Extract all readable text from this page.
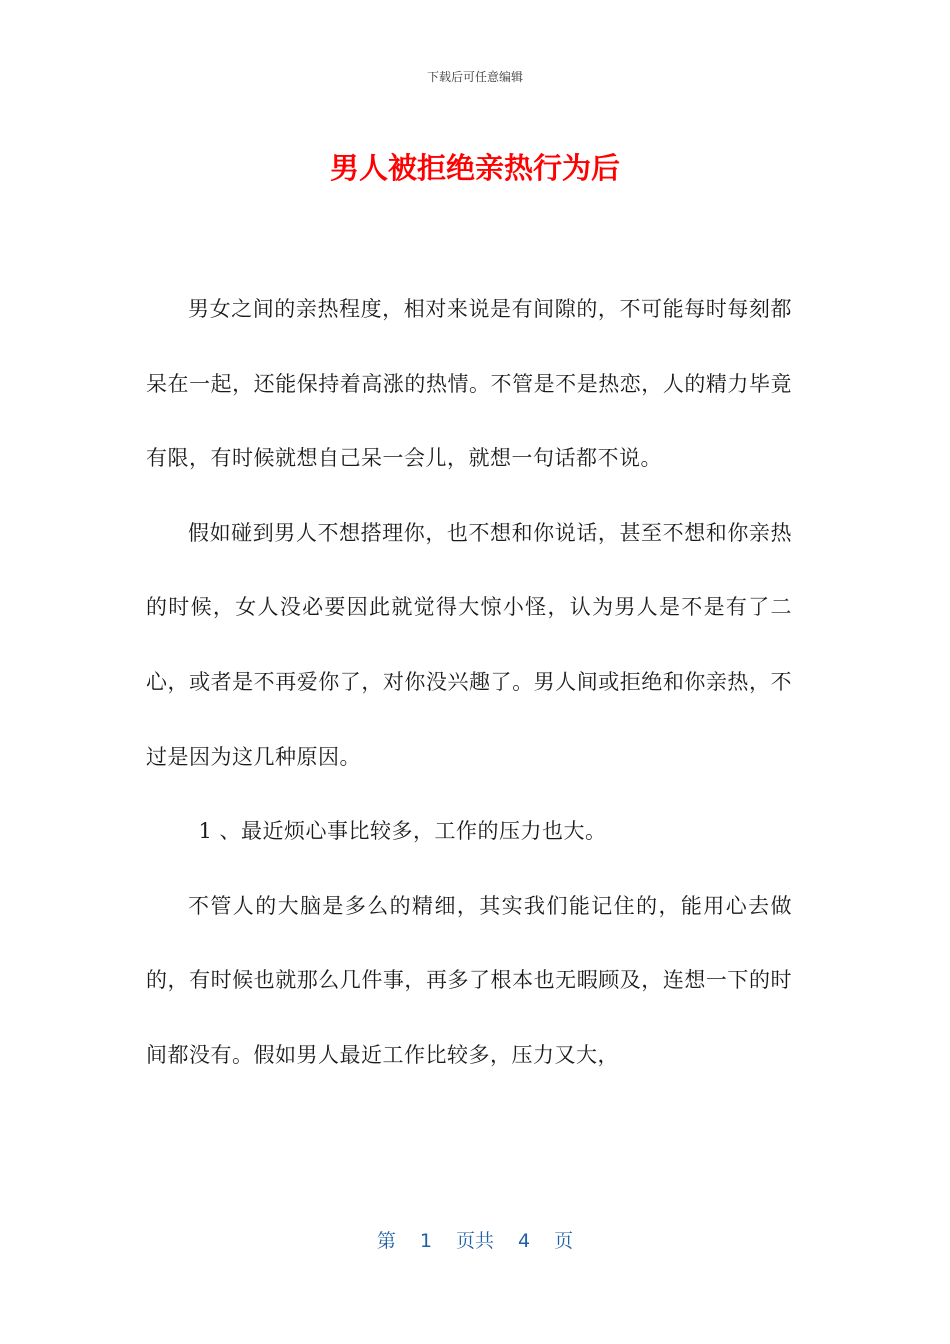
下载后可任意编辑
男人被拒绝亲热行为后

男女之间的亲热程度，相对来说是有间隙的，不可能每时每刻都呆在一起，还能保持着高涨的热情。不管是不是热恋，人的精力毕竟有限，有时候就想自己呆一会儿，就想一句话都不说。

假如碰到男人不想搭理你，也不想和你说话，甚至不想和你亲热的时候，女人没必要因此就觉得大惊小怪，认为男人是不是有了二心，或者是不再爱你了，对你没兴趣了。男人间或拒绝和你亲热，不过是因为这几种原因。

1 、最近烦心事比较多，工作的压力也大。

不管人的大脑是多么的精细，其实我们能记住的，能用心去做的，有时候也就那么几件事，再多了根本也无暇顾及，连想一下的时间都没有。假如男人最近工作比较多，压力又大，

第 1 页共 4 页
